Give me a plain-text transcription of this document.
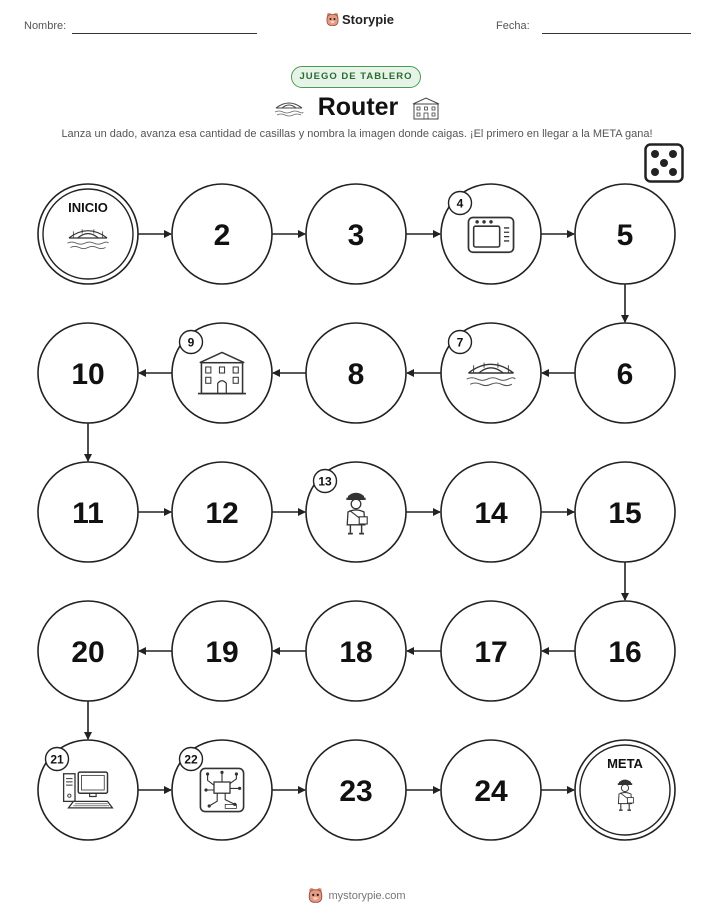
Nombre:	Storypie	Fecha:
JUEGO DE TABLERO
Router
Lanza un dado, avanza esa cantidad de casillas y nombra la imagen donde caigas. ¡El primero en llegar a la META gana!
INICIO
2	3
4
5
6
7
8
9
10
11	12
13
14	15
16
17
18
19
20
21	22
23	24
META
mystorypie.com
